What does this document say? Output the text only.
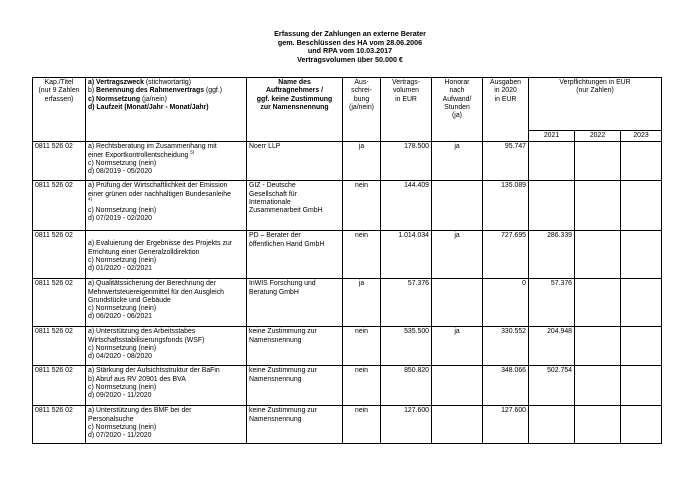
Erfassung der Zahlungen an externe Berater
gem. Beschlüssen des HA vom 28.06.2006
und RPA vom 10.03.2017
Vertragsvolumen über 50.000 €
Kap./Titel
(nur 9 Zahlen
erfassen)	a) Vertragszweck (stichwortartig)
b) Benennung des Rahmenvertrags (ggf.)
c) Normsetzung (ja/nein)
d) Laufzeit (Monat/Jahr - Monat/Jahr)	Name des
Auftragnehmers /
ggf. keine Zustimmung
zur Namensnennung	Aus-
schrei-
bung
(ja/nein)	Vertrags-
volumen
in EUR	Honorar
nach
Aufwand/
Stunden
(ja)	Ausgaben
in 2020
in EUR	Verpflichtungen in EUR
(nur Zahlen)		

							2021	2022	2023
0811 526 02	a) Rechtsberatung im Zusammenhang mit
einer Exportkontrollentscheidung $^{5)}$
c) Normsetzung (nein)
d) 08/2019 - 05/2020	Noerr LLP	ja	178.500	ja	95.747			
0811 526 02	a) Prüfung der Wirtschaftlichkeit der Emission
einer grünen oder nachhaltigen Bundesanleihe
$^{4)}$
c) Normsetzung (nein)
d) 07/2019 - 02/2020	GIZ - Deutsche
Gesellschaft für
Internationale
Zusammenarbeit GmbH	nein	144.409		135.089			
0811 526 02	a) Evaluierung der Ergebnisse des Projekts zur
Errichtung einer Generalzolldirektion
c) Normsetzung (nein)
d) 01/2020 - 02/2021	PD – Berater der
öffentlichen Hand GmbH	nein	1.014.034	ja	727.695	286.339		
0811 526 02	a) Qualitätssicherung der Berechnung der
Mehrwertsteuereigenmittel für den Ausgleich
Grundstücke und Gebäude
c) Normsetzung (nein)
d) 06/2020 - 06/2021	InWIS Forschung und
Beratung GmbH	ja	57.376		0	57.376		
0811 526 02	a) Unterstützung des Arbeitsstabes
Wirtschaftsstabilisierungsfonds (WSF)
c) Normsetzung (nein)
d) 04/2020 - 08/2020	keine Zustimmung zur
Namensnennung	nein	535.500	ja	330.552	204.948		
0811 526 02	a) Stärkung der Aufsichtsstruktur der BaFin
b) Abruf aus RV 20901 des BVA
c) Normsetzung (nein)
d) 09/2020 - 11/2020	keine Zustimmung zur
Namensnennung	nein	850.820		348.066	502.754		
0811 526 02	a) Unterstützung des BMF bei der
Personalsuche
c) Normsetzung (nein)
d) 07/2020 - 11/2020	keine Zustimmung zur
Namensnennung	nein	127.600		127.600			
